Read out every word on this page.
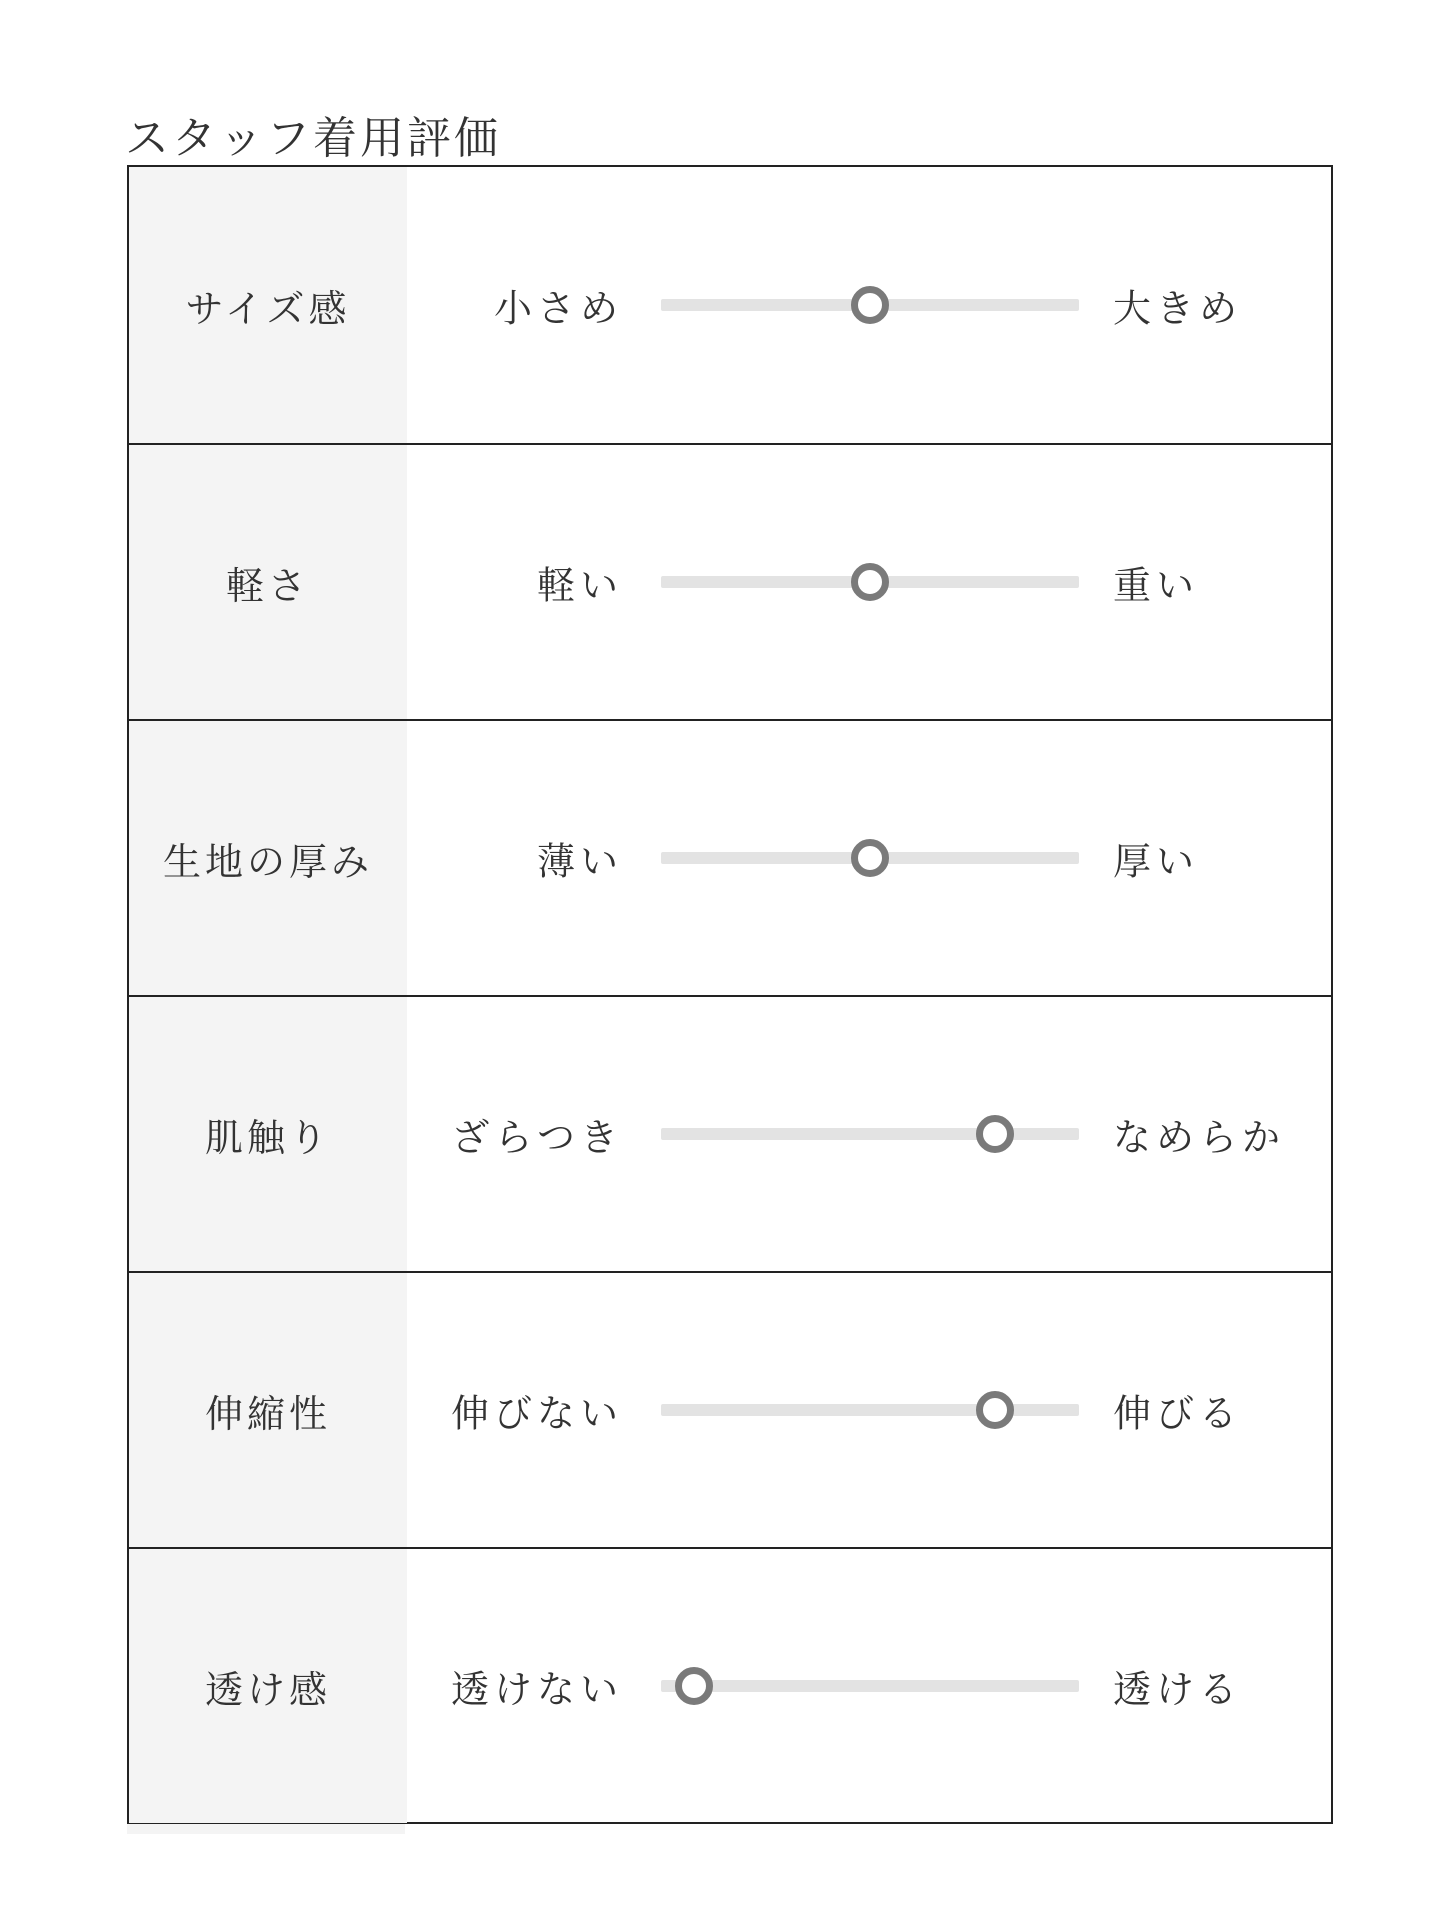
スタッフ着用評価
サイズ感	小さめ	大きめ
軽さ	軽い	重い
生地の厚み	薄い	厚い
肌触り	ざらつき	なめらか
伸縮性	伸びない	伸びる
透け感	透けない	透ける
